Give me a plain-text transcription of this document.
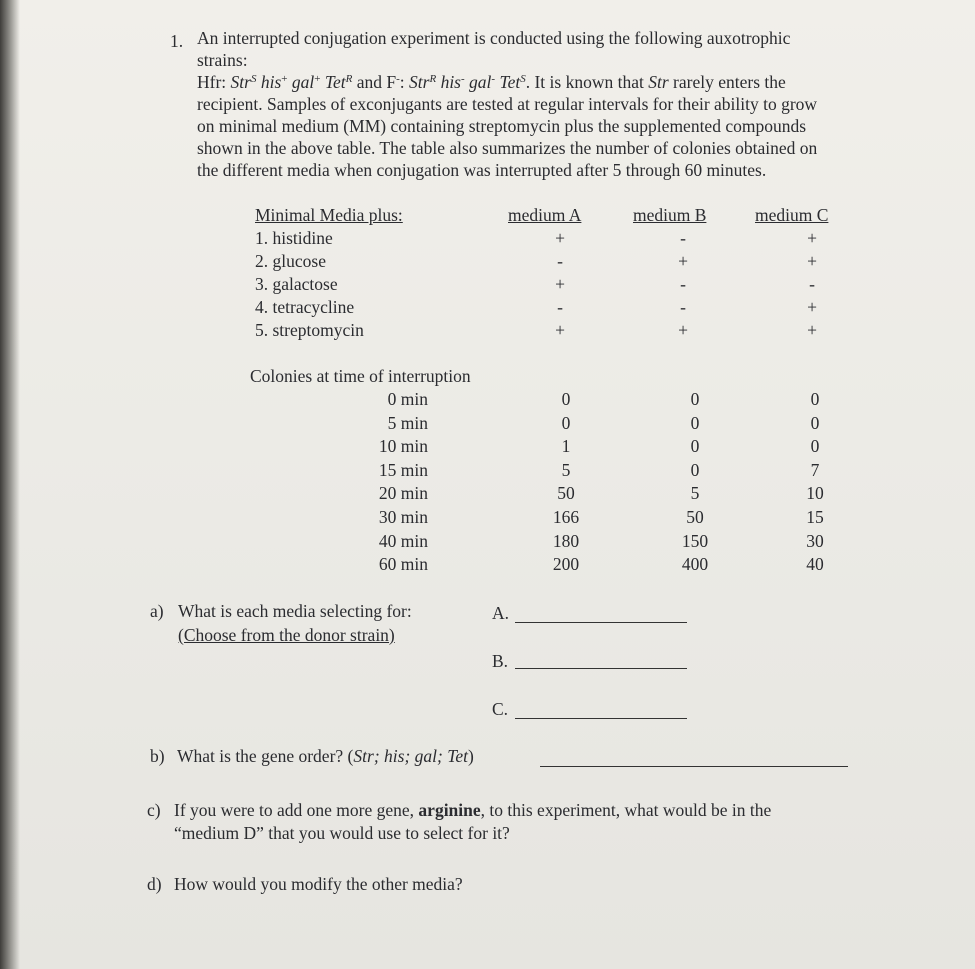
1. An interrupted conjugation experiment is conducted using the following auxotrophic
strains:
Hfr: Str$^S$ his+ gal+ Tet$^R$ and F-: Str$^R$ his- gal- Tet$^S$. It is known that Str rarely enters the
recipient. Samples of exconjugants are tested at regular intervals for their ability to grow
on minimal medium (MM) containing streptomycin plus the supplemented compounds
shown in the above table. The table also summarizes the number of colonies obtained on
the different media when conjugation was interrupted after 5 through 60 minutes.
Minimal Media plus:	medium A	medium B	medium C
1. histidine	+	-	+
2. glucose	-	+	+
3. galactose	+	-	-
4. tetracycline	-	-	+
5. streptomycin	+	+	+
Colonies at time of interruption
0 min	0	0	0
5 min	0	0	0
10 min	1	0	0
15 min	5	0	7
20 min	50	5	10
30 min	166	50	15
40 min	180	150	30
60 min	200	400	40
a) What is each media selecting for:
(Choose from the donor strain)
A.
B.
C.
b) What is the gene order? (Str; his; gal; Tet)
c) If you were to add one more gene, arginine, to this experiment, what would be in the
“medium D” that you would use to select for it?
d) How would you modify the other media?
